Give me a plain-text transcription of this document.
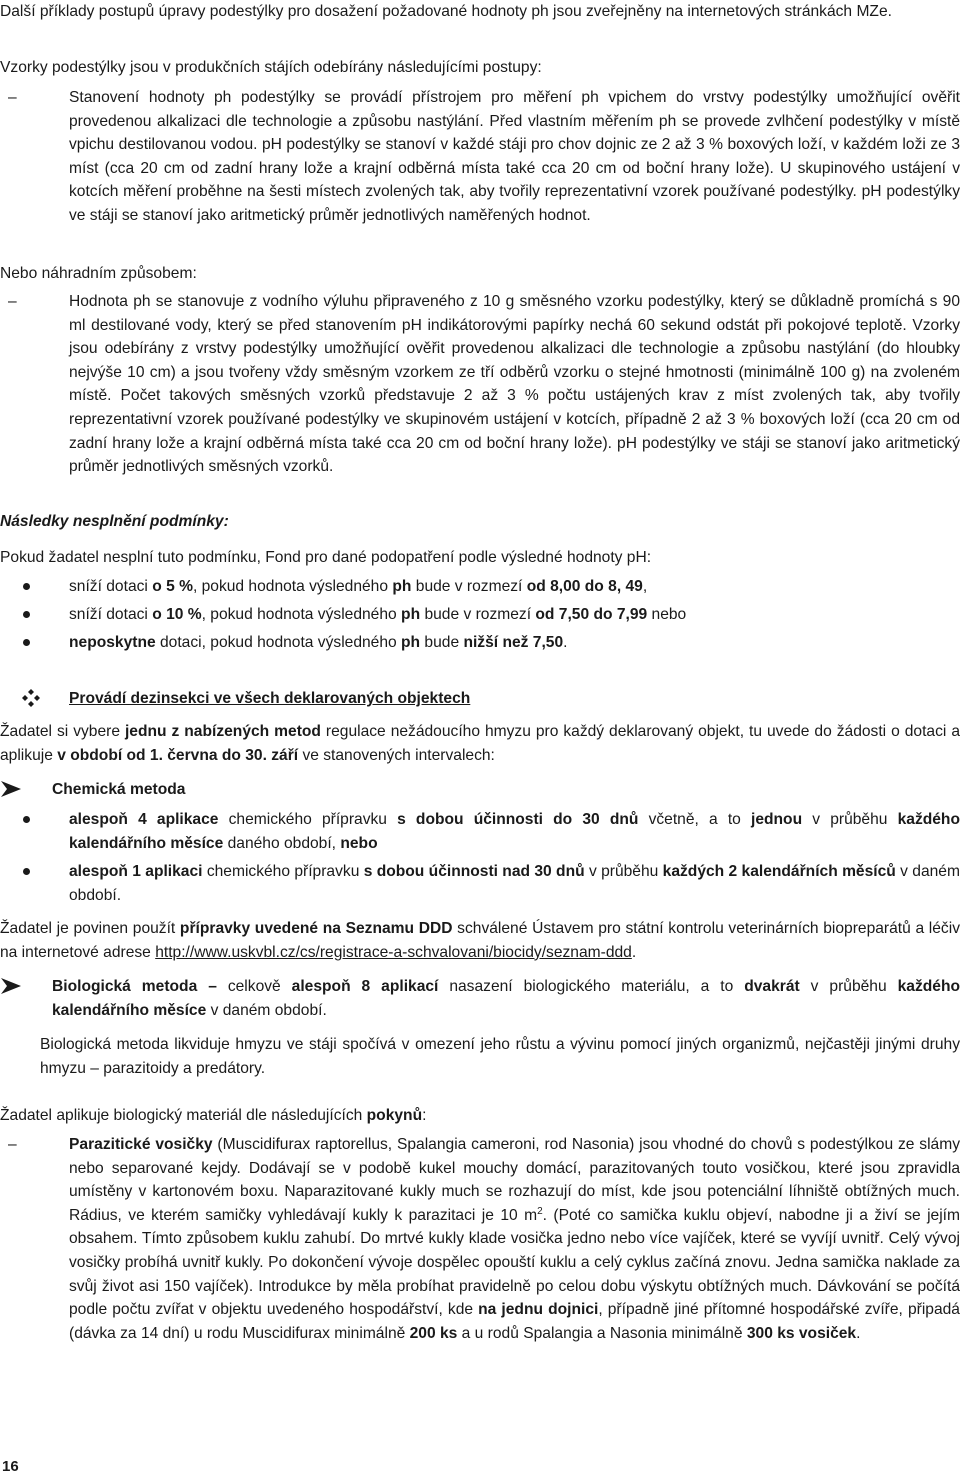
Další příklady postupů úpravy podestýlky pro dosažení požadované hodnoty ph jsou zveřejněny na internetových stránkách MZe.

Vzorky podestýlky jsou v produkčních stájích odebírány následujícími postupy:

–	Stanovení hodnoty ph podestýlky se provádí přístrojem pro měření ph vpichem do vrstvy podestýlky umožňující ověřit provedenou alkalizaci dle technologie a způsobu nastýlání. Před vlastním měřením ph se provede zvlhčení podestýlky v místě vpichu destilovanou vodou. pH podestýlky se stanoví v každé stáji pro chov dojnic ze 2 až 3 % boxových loží, v každém loži ze 3 míst (cca 20 cm od zadní hrany lože a krajní odběrná místa také cca 20 cm od boční hrany lože). U skupinového ustájení v kotcích měření proběhne na šesti místech zvolených tak, aby tvořily reprezentativní vzorek používané podestýlky. pH podestýlky ve stáji se stanoví jako aritmetický průměr jednotlivých naměřených hodnot.

Nebo náhradním způsobem:

–	Hodnota ph se stanovuje z vodního výluhu připraveného z 10 g směsného vzorku podestýlky, který se důkladně promíchá s 90 ml destilované vody, který se před stanovením pH indikátorovými papírky nechá 60 sekund odstát při pokojové teplotě. Vzorky jsou odebírány z vrstvy podestýlky umožňující ověřit provedenou alkalizaci dle technologie a způsobu nastýlání (do hloubky nejvýše 10 cm) a jsou tvořeny vždy směsným vzorkem ze tří odběrů vzorku o stejné hmotnosti (minimálně 100 g) na zvoleném místě. Počet takových směsných vzorků představuje 2 až 3 % počtu ustájených krav z míst zvolených tak, aby tvořily reprezentativní vzorek používané podestýlky ve skupinovém ustájení v kotcích, případně 2 až 3 % boxových loží (cca 20 cm od zadní hrany lože a krajní odběrná místa také cca 20 cm od boční hrany lože). pH podestýlky ve stáji se stanoví jako aritmetický průměr jednotlivých směsných vzorků.

Následky nesplnění podmínky:

Pokud žadatel nesplní tuto podmínku, Fond pro dané podopatření podle výsledné hodnoty pH:

sníží dotaci o 5 %, pokud hodnota výsledného ph bude v rozmezí od 8,00 do 8, 49,

sníží dotaci o 10 %, pokud hodnota výsledného ph bude v rozmezí od 7,50 do 7,99 nebo

neposkytne dotaci, pokud hodnota výsledného ph bude nižší než 7,50.

Provádí dezinsekci ve všech deklarovaných objektech

Žadatel si vybere jednu z nabízených metod regulace nežádoucího hmyzu pro každý deklarovaný objekt, tu uvede do žádosti o dotaci a aplikuje v období od 1. června do 30. září ve stanovených intervalech:

Chemická metoda

alespoň 4 aplikace chemického přípravku s dobou účinnosti do 30 dnů včetně, a to jednou v průběhu každého kalendářního měsíce daného období, nebo

alespoň 1 aplikaci chemického přípravku s dobou účinnosti nad 30 dnů v průběhu každých 2 kalendářních měsíců v daném období.

Žadatel je povinen použít přípravky uvedené na Seznamu DDD schválené Ústavem pro státní kontrolu veterinárních biopreparátů a léčiv na internetové adrese http://www.uskvbl.cz/cs/registrace-a-schvalovani/biocidy/seznam-ddd.

Biologická metoda – celkově alespoň 8 aplikací nasazení biologického materiálu, a to dvakrát v průběhu každého kalendářního měsíce v daném období.

Biologická metoda likviduje hmyzu ve stáji spočívá v omezení jeho růstu a vývinu pomocí jiných organizmů, nejčastěji jinými druhy hmyzu – parazitoidy a predátory.

Žadatel aplikuje biologický materiál dle následujících pokynů:

–	Parazitické vosičky (Muscidifurax raptorellus, Spalangia cameroni, rod Nasonia) jsou vhodné do chovů s podestýlkou ze slámy nebo separované kejdy. Dodávají se v podobě kukel mouchy domácí, parazitovaných touto vosičkou, které jsou zpravidla umístěny v kartonovém boxu. Naparazitované kukly much se rozhazují do míst, kde jsou potenciální líhniště obtížných much. Rádius, ve kterém samičky vyhledávají kukly k parazitaci je 10 $m^2$. (Poté co samička kuklu objeví, nabodne ji a živí se jejím obsahem. Tímto způsobem kuklu zahubí. Do mrtvé kukly klade vosička jedno nebo více vajíček, které se vyvíjí uvnitř. Celý vývoj vosičky probíhá uvnitř kukly. Po dokončení vývoje dospělec opouští kuklu a celý cyklus začíná znovu. Jedna samička naklade za svůj život asi 150 vajíček). Introdukce by měla probíhat pravidelně po celou dobu výskytu obtížných much. Dávkování se počítá podle počtu zvířat v objektu uvedeného hospodářství, kde na jednu dojnici, případně jiné přítomné hospodářské zvíře, připadá (dávka za 14 dní) u rodu Muscidifurax minimálně 200 ks a u rodů Spalangia a Nasonia minimálně 300 ks vosiček.

16
